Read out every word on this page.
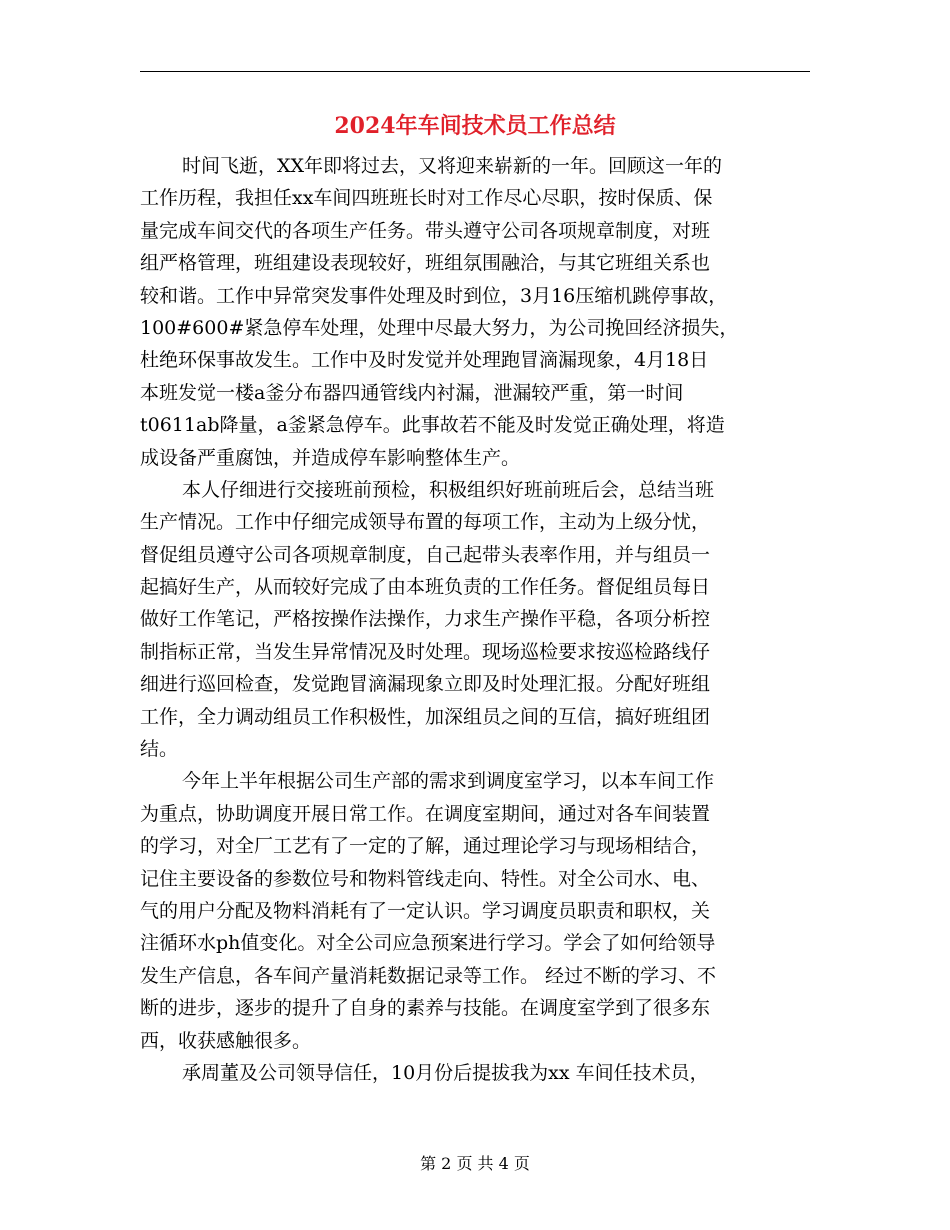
2024年车间技术员工作总结
时间飞逝，XX年即将过去，又将迎来崭新的一年。回顾这一年的
工作历程，我担任xx车间四班班长时对工作尽心尽职，按时保质、保
量完成车间交代的各项生产任务。带头遵守公司各项规章制度，对班
组严格管理，班组建设表现较好，班组氛围融洽，与其它班组关系也
较和谐。工作中异常突发事件处理及时到位，3月16压缩机跳停事故，
100#600#紧急停车处理，处理中尽最大努力，为公司挽回经济损失，
杜绝环保事故发生。工作中及时发觉并处理跑冒滴漏现象，4月18日
本班发觉一楼a釜分布器四通管线内衬漏，泄漏较严重，第一时间
t0611ab降量，a釜紧急停车。此事故若不能及时发觉正确处理，将造
成设备严重腐蚀，并造成停车影响整体生产。
本人仔细进行交接班前预检，积极组织好班前班后会，总结当班
生产情况。工作中仔细完成领导布置的每项工作，主动为上级分忧，
督促组员遵守公司各项规章制度，自己起带头表率作用，并与组员一
起搞好生产，从而较好完成了由本班负责的工作任务。督促组员每日
做好工作笔记，严格按操作法操作，力求生产操作平稳，各项分析控
制指标正常，当发生异常情况及时处理。现场巡检要求按巡检路线仔
细进行巡回检查，发觉跑冒滴漏现象立即及时处理汇报。分配好班组
工作，全力调动组员工作积极性，加深组员之间的互信，搞好班组团
结。
今年上半年根据公司生产部的需求到调度室学习，以本车间工作
为重点，协助调度开展日常工作。在调度室期间，通过对各车间装置
的学习，对全厂工艺有了一定的了解，通过理论学习与现场相结合，
记住主要设备的参数位号和物料管线走向、特性。对全公司水、电、
气的用户分配及物料消耗有了一定认识。学习调度员职责和职权，关
注循环水ph值变化。对全公司应急预案进行学习。学会了如何给领导
发生产信息，各车间产量消耗数据记录等工作。 经过不断的学习、不
断的进步，逐步的提升了自身的素养与技能。在调度室学到了很多东
西，收获感触很多。
承周董及公司领导信任，10月份后提拔我为xx 车间任技术员，
第 2 页 共 4 页
